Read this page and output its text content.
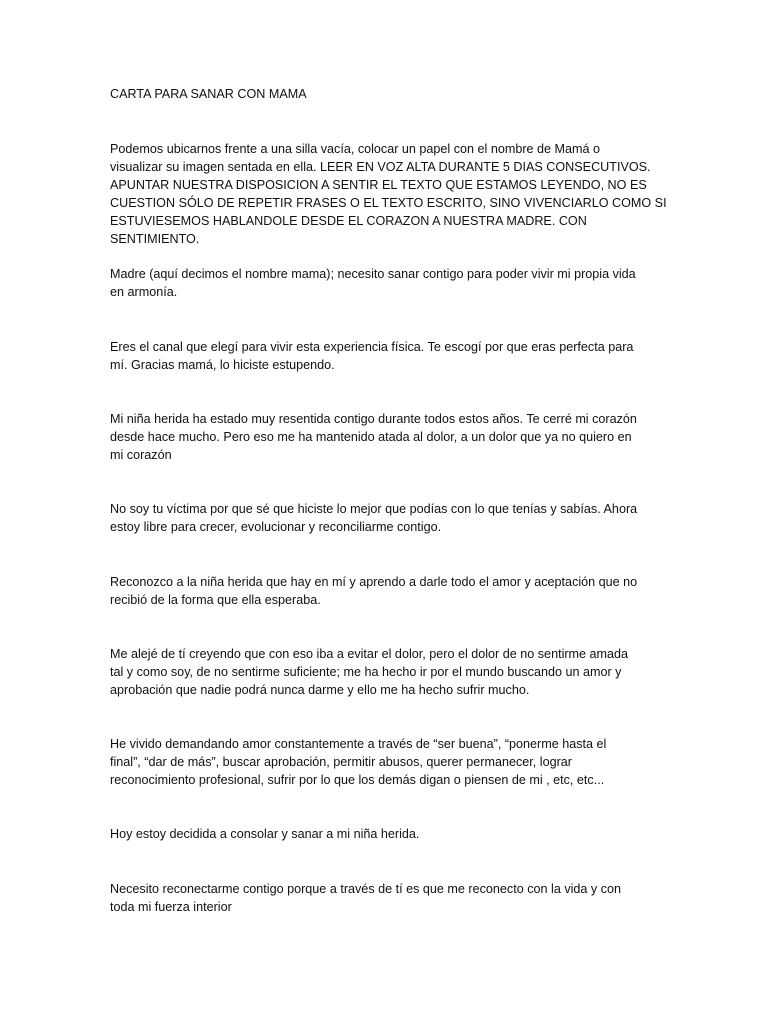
CARTA PARA SANAR CON MAMA

Podemos ubicarnos frente a una silla vacía, colocar un papel con el nombre de Mamá o
visualizar su imagen sentada en ella. LEER EN VOZ ALTA DURANTE 5 DIAS CONSECUTIVOS.
APUNTAR NUESTRA DISPOSICION A SENTIR EL TEXTO QUE ESTAMOS LEYENDO, NO ES
CUESTION SÓLO DE REPETIR FRASES O EL TEXTO ESCRITO, SINO VIVENCIARLO COMO SI
ESTUVIESEMOS HABLANDOLE DESDE EL CORAZON A NUESTRA MADRE. CON SENTIMIENTO.

Madre (aquí decimos el nombre mama); necesito sanar contigo para poder vivir mi propia vida
en armonía.

Eres el canal que elegí para vivir esta experiencia física. Te escogí por que eras perfecta para
mí. Gracias mamá, lo hiciste estupendo.

Mi niña herida ha estado muy resentida contigo durante todos estos años. Te cerré mi corazón
desde hace mucho. Pero eso me ha mantenido atada al dolor, a un dolor que ya no quiero en
mi corazón

No soy tu víctima por que sé que hiciste lo mejor que podías con lo que tenías y sabías. Ahora
estoy libre para crecer, evolucionar y reconciliarme contigo.

Reconozco a la niña herida que hay en mí y aprendo a darle todo el amor y aceptación que no
recibió de la forma que ella esperaba.

Me alejé de tí creyendo que con eso iba a evitar el dolor, pero el dolor de no sentirme amada
tal y como soy, de no sentirme suficiente; me ha hecho ir por el mundo buscando un amor y
aprobación que nadie podrá nunca darme y ello me ha hecho sufrir mucho.

He vivido demandando amor constantemente a través de “ser buena”, “ponerme hasta el
final”, “dar de más”, buscar aprobación, permitir abusos, querer permanecer, lograr
reconocimiento profesional, sufrir por lo que los demás digan o piensen de mi , etc, etc...

Hoy estoy decidida a consolar y sanar a mi niña herida.

Necesito reconectarme contigo porque a través de tí es que me reconecto con la vida y con
toda mi fuerza interior
